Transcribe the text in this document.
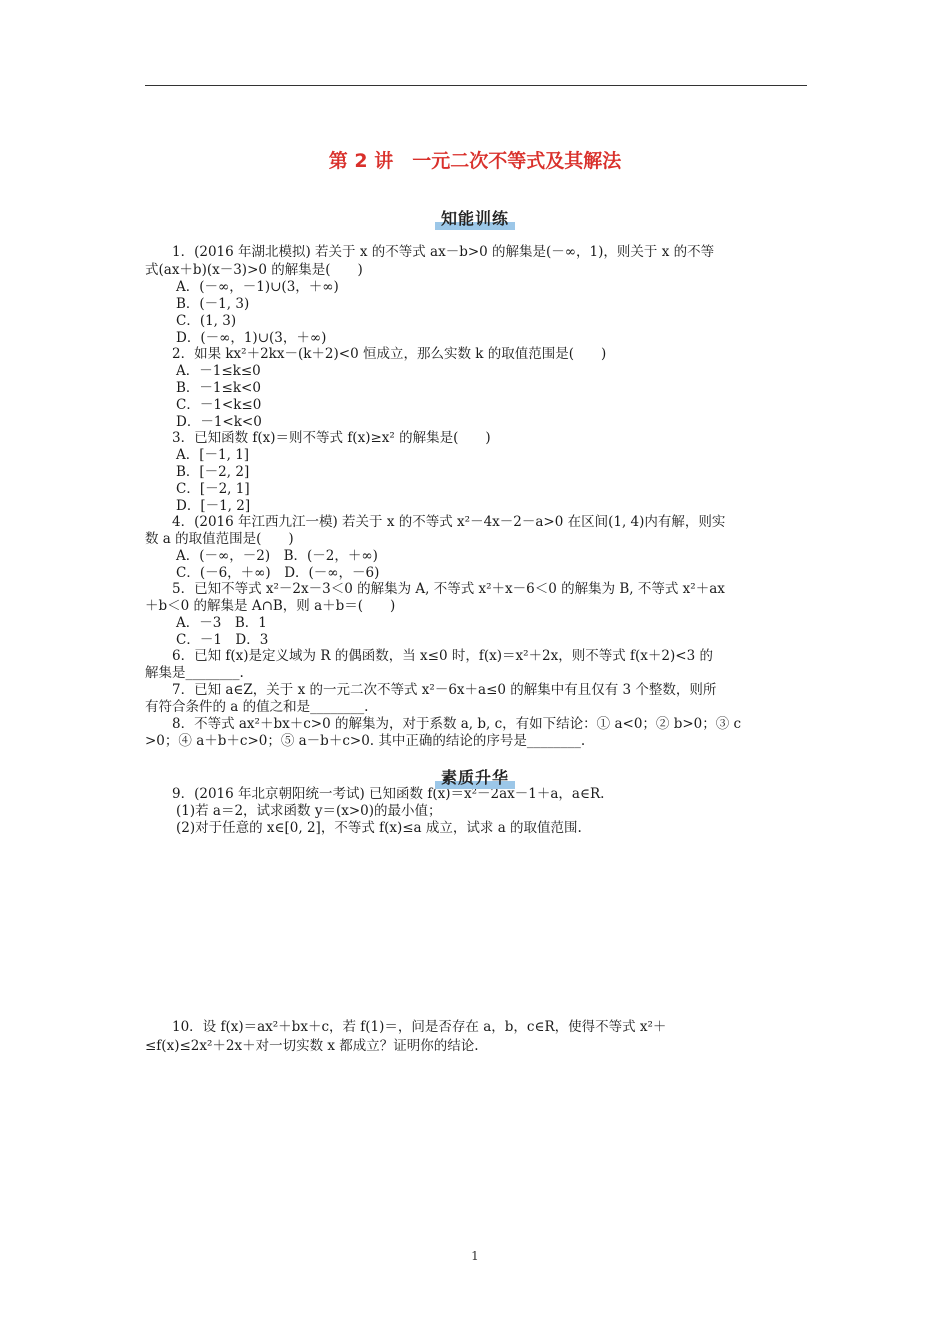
第 2 讲　一元二次不等式及其解法
知能训练
1．(2016 年湖北模拟) 若关于 x 的不等式 ax－b>0 的解集是(－∞，1)，则关于 x 的不等
式(ax＋b)(x－3)>0 的解集是(　　)
A．(－∞，－1)∪(3，＋∞)
B．(－1, 3)
C．(1, 3)
D．(－∞，1)∪(3，＋∞)
2．如果 kx²＋2kx－(k＋2)<0 恒成立，那么实数 k 的取值范围是(　　)
A．－1≤k≤0
B．－1≤k<0
C．－1<k≤0
D．－1<k<0
3．已知函数 f(x)＝则不等式 f(x)≥x² 的解集是(　　)
A．[－1, 1]
B．[－2, 2]
C．[－2, 1]
D．[－1, 2]
4．(2016 年江西九江一模) 若关于 x 的不等式 x²－4x－2－a>0 在区间(1, 4)内有解，则实
数 a 的取值范围是(　　)
A．(－∞，－2)　B．(－2，＋∞)
C．(－6，＋∞)　D．(－∞，－6)
5．已知不等式 x²－2x－3＜0 的解集为 A, 不等式 x²＋x－6＜0 的解集为 B, 不等式 x²＋ax
＋b＜0 的解集是 A∩B，则 a＋b＝(　　)
A．－3　B．1
C．－1　D．3
6．已知 f(x)是定义域为 R 的偶函数，当 x≤0 时，f(x)＝x²＋2x，则不等式 f(x＋2)<3 的
解集是________.
7．已知 a∈Z，关于 x 的一元二次不等式 x²－6x＋a≤0 的解集中有且仅有 3 个整数，则所
有符合条件的 a 的值之和是________.
8．不等式 ax²＋bx＋c>0 的解集为，对于系数 a, b, c，有如下结论：① a<0；② b>0；③ c
>0；④ a＋b＋c>0；⑤ a－b＋c>0. 其中正确的结论的序号是________.
素质升华
9．(2016 年北京朝阳统一考试) 已知函数 f(x)＝x²－2ax－1＋a，a∈R.
(1)若 a＝2，试求函数 y＝(x>0)的最小值；
(2)对于任意的 x∈[0, 2]，不等式 f(x)≤a 成立，试求 a 的取值范围.
10．设 f(x)＝ax²＋bx＋c，若 f(1)＝，问是否存在 a，b，c∈R，使得不等式 x²＋
≤f(x)≤2x²＋2x＋对一切实数 x 都成立？证明你的结论.
1
